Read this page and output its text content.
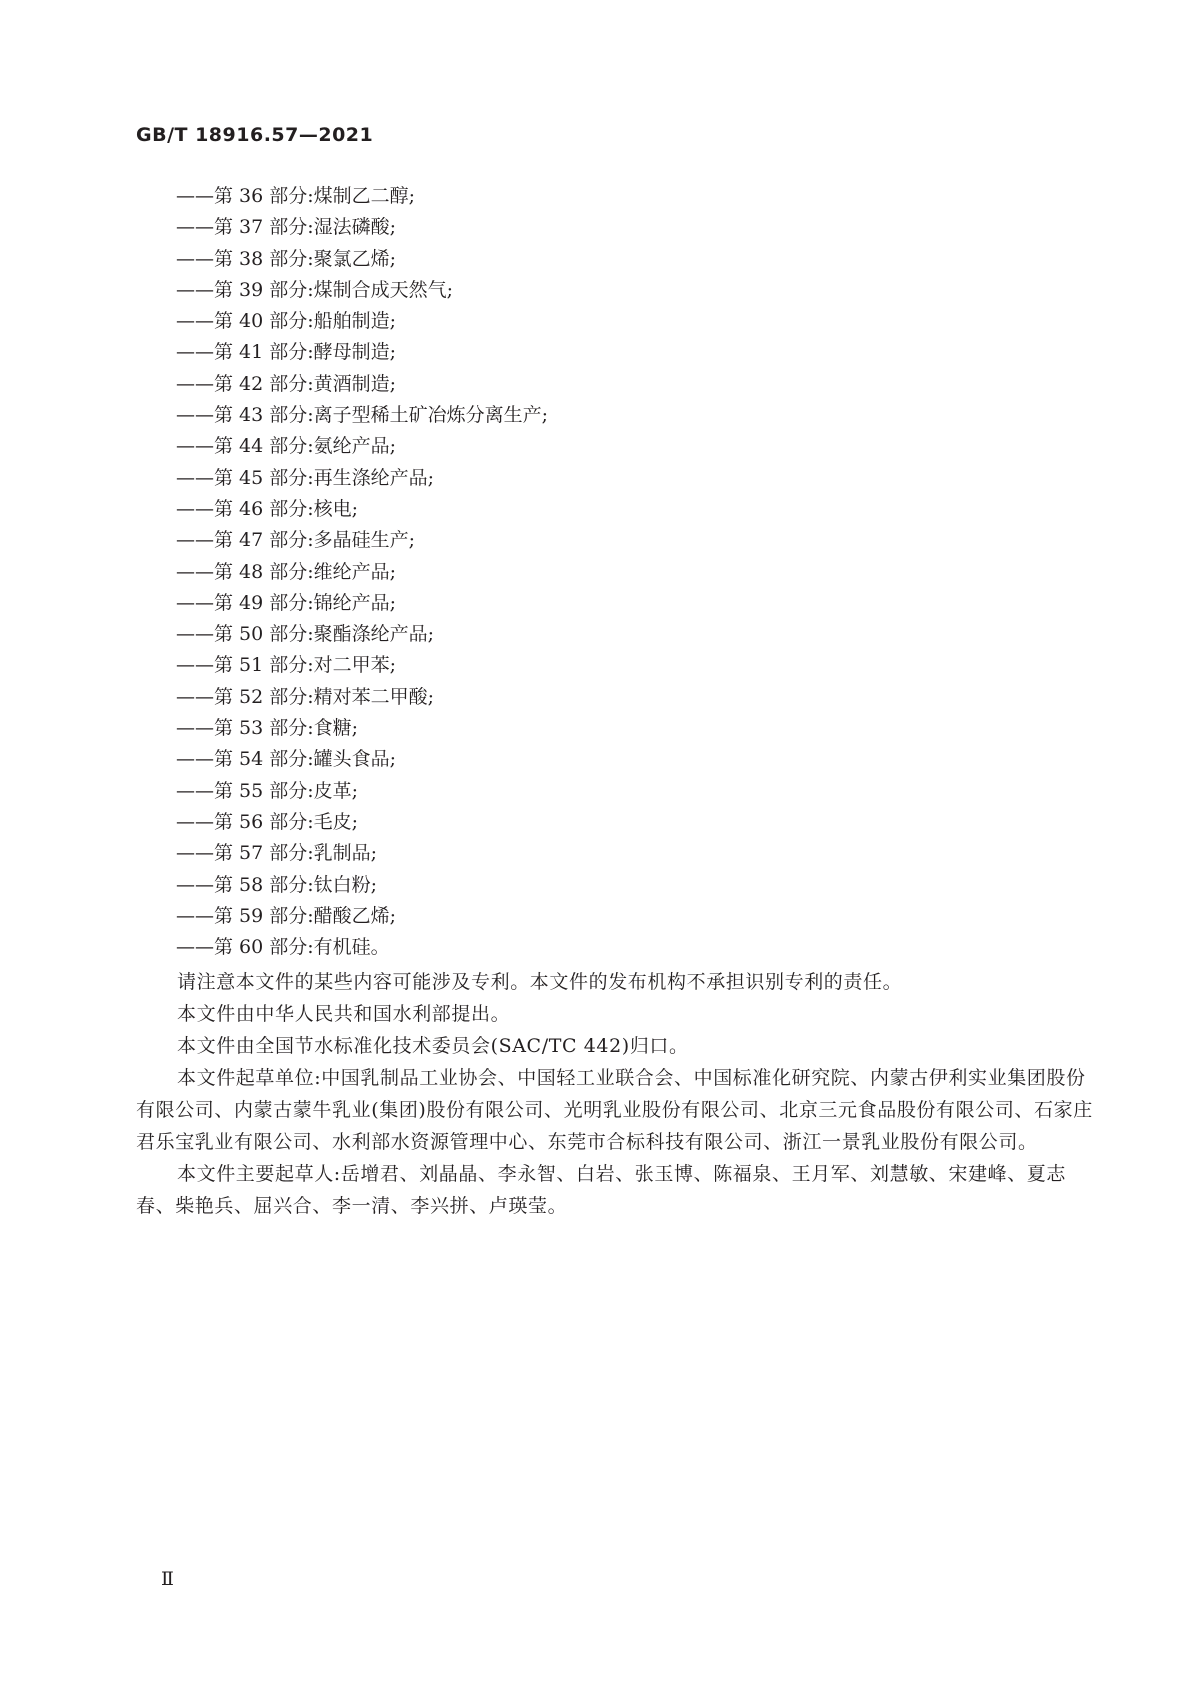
GB/T 18916.57—2021
——第 36 部分:煤制乙二醇;
——第 37 部分:湿法磷酸;
——第 38 部分:聚氯乙烯;
——第 39 部分:煤制合成天然气;
——第 40 部分:船舶制造;
——第 41 部分:酵母制造;
——第 42 部分:黄酒制造;
——第 43 部分:离子型稀土矿冶炼分离生产;
——第 44 部分:氨纶产品;
——第 45 部分:再生涤纶产品;
——第 46 部分:核电;
——第 47 部分:多晶硅生产;
——第 48 部分:维纶产品;
——第 49 部分:锦纶产品;
——第 50 部分:聚酯涤纶产品;
——第 51 部分:对二甲苯;
——第 52 部分:精对苯二甲酸;
——第 53 部分:食糖;
——第 54 部分:罐头食品;
——第 55 部分:皮革;
——第 56 部分:毛皮;
——第 57 部分:乳制品;
——第 58 部分:钛白粉;
——第 59 部分:醋酸乙烯;
——第 60 部分:有机硅。

请注意本文件的某些内容可能涉及专利。本文件的发布机构不承担识别专利的责任。

本文件由中华人民共和国水利部提出。

本文件由全国节水标准化技术委员会(SAC/TC 442)归口。

本文件起草单位:中国乳制品工业协会、中国轻工业联合会、中国标准化研究院、内蒙古伊利实业集团股份有限公司、内蒙古蒙牛乳业(集团)股份有限公司、光明乳业股份有限公司、北京三元食品股份有限公司、石家庄君乐宝乳业有限公司、水利部水资源管理中心、东莞市合标科技有限公司、浙江一景乳业股份有限公司。

本文件主要起草人:岳增君、刘晶晶、李永智、白岩、张玉博、陈福泉、王月军、刘慧敏、宋建峰、夏志春、柴艳兵、屈兴合、李一清、李兴拼、卢瑛莹。

Ⅱ
